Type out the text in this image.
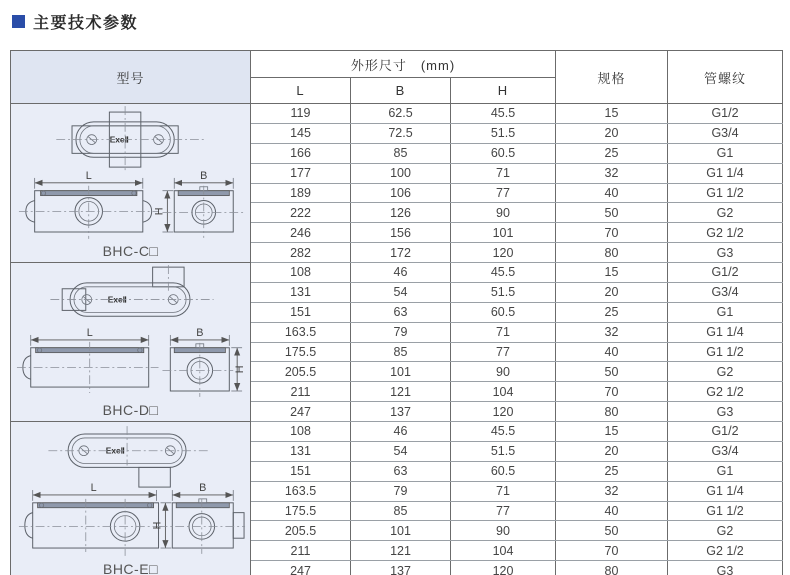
主要技术参数
型号	外形尺寸　(mm)			规格	管螺纹
	L	B	H		

ExeⅡ
L B
H
BHC-C□	119	62.5	45.5	15	G1/2
	145	72.5	51.5	20	G3/4
	166	85	60.5	25	G1
	177	100	71	32	G1 1/4
	189	106	77	40	G1 1/2
	222	126	90	50	G2
	246	156	101	70	G2 1/2
	282	172	120	80	G3

ExeⅡ
L B
H
BHC-D□	108	46	45.5	15	G1/2
	131	54	51.5	20	G3/4
	151	63	60.5	25	G1
	163.5	79	71	32	G1 1/4
	175.5	85	77	40	G1 1/2
	205.5	101	90	50	G2
	211	121	104	70	G2 1/2
	247	137	120	80	G3

ExeⅡ
L B
H
BHC-E□	108	46	45.5	15	G1/2
	131	54	51.5	20	G3/4
	151	63	60.5	25	G1
	163.5	79	71	32	G1 1/4
	175.5	85	77	40	G1 1/2
	205.5	101	90	50	G2
	211	121	104	70	G2 1/2
	247	137	120	80	G3
